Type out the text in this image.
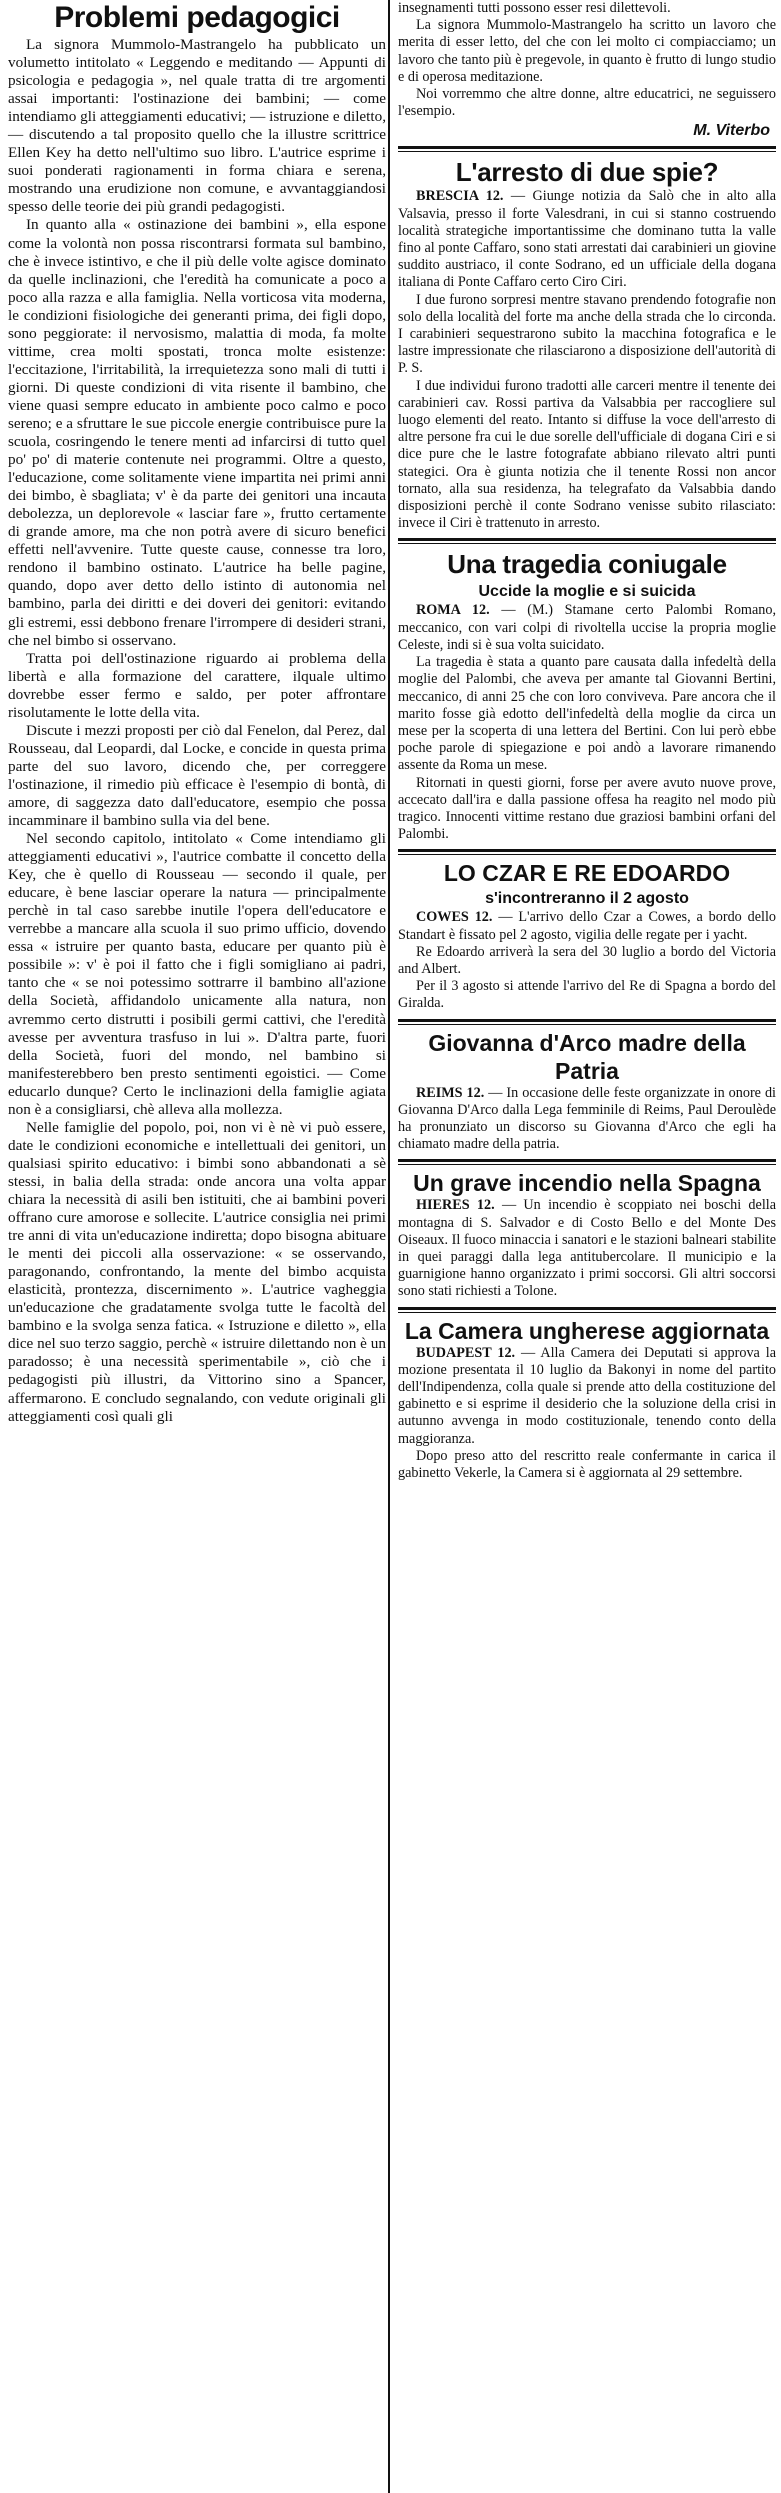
Problemi pedagogici

La signora Mummolo-Mastrangelo ha pubblicato un volumetto intitolato « Leggendo e meditando — Appunti di psicologia e pedagogia », nel quale tratta di tre argomenti assai importanti: l'ostinazione dei bambini; — come intendiamo gli atteggiamenti educativi; — istruzione e diletto, — discutendo a tal proposito quello che la illustre scrittrice Ellen Key ha detto nell'ultimo suo libro. L'autrice esprime i suoi ponderati ragionamenti in forma chiara e serena, mostrando una erudizione non comune, e avvantaggiandosi spesso delle teorie dei più grandi pedagogisti.

In quanto alla « ostinazione dei bambini », ella espone come la volontà non possa riscontrarsi formata sul bambino, che è invece istintivo, e che il più delle volte agisce dominato da quelle inclinazioni, che l'eredità ha comunicate a poco a poco alla razza e alla famiglia. Nella vorticosa vita moderna, le condizioni fisiologiche dei generanti prima, dei figli dopo, sono peggiorate: il nervosismo, malattia di moda, fa molte vittime, crea molti spostati, tronca molte esistenze: l'eccitazione, l'irritabilità, la irrequietezza sono mali di tutti i giorni. Di queste condizioni di vita risente il bambino, che viene quasi sempre educato in ambiente poco calmo e poco sereno; e a sfruttare le sue piccole energie contribuisce pure la scuola, cosringendo le tenere menti ad infarcirsi di tutto quel po' po' di materie contenute nei programmi. Oltre a questo, l'educazione, come solitamente viene impartita nei primi anni dei bimbo, è sbagliata; v' è da parte dei genitori una incauta debolezza, un deplorevole « lasciar fare », frutto certamente di grande amore, ma che non potrà avere di sicuro benefici effetti nell'avvenire. Tutte queste cause, connesse tra loro, rendono il bambino ostinato. L'autrice ha belle pagine, quando, dopo aver detto dello istinto di autonomia nel bambino, parla dei diritti e dei doveri dei genitori: evitando gli estremi, essi debbono frenare l'irrompere di desideri strani, che nel bimbo si osservano.

Tratta poi dell'ostinazione riguardo ai problema della libertà e alla formazione del carattere, ilquale ultimo dovrebbe esser fermo e saldo, per poter affrontare risolutamente le lotte della vita.

Discute i mezzi proposti per ciò dal Fenelon, dal Perez, dal Rousseau, dal Leopardi, dal Locke, e concide in questa prima parte del suo lavoro, dicendo che, per correggere l'ostinazione, il rimedio più efficace è l'esempio di bontà, di amore, di saggezza dato dall'educatore, esempio che possa incamminare il bambino sulla via del bene.

Nel secondo capitolo, intitolato « Come intendiamo gli atteggiamenti educativi », l'autrice combatte il concetto della Key, che è quello di Rousseau — secondo il quale, per educare, è bene lasciar operare la natura — principalmente perchè in tal caso sarebbe inutile l'opera dell'educatore e verrebbe a mancare alla scuola il suo primo ufficio, dovendo essa « istruire per quanto basta, educare per quanto più è possibile »: v' è poi il fatto che i figli somigliano ai padri, tanto che « se noi potessimo sottrarre il bambino all'azione della Società, affidandolo unicamente alla natura, non avremmo certo distrutti i posibili germi cattivi, che l'eredità avesse per avventura trasfuso in lui ». D'altra parte, fuori della Società, fuori del mondo, nel bambino si manifesterebbero ben presto sentimenti egoistici. — Come educarlo dunque? Certo le inclinazioni della famiglie agiata non è a consigliarsi, chè alleva alla mollezza.

Nelle famiglie del popolo, poi, non vi è nè vi può essere, date le condizioni economiche e intellettuali dei genitori, un qualsiasi spirito educativo: i bimbi sono abbandonati a sè stessi, in balia della strada: onde ancora una volta appar chiara la necessità di asili ben istituiti, che ai bambini poveri offrano cure amorose e sollecite. L'autrice consiglia nei primi tre anni di vita un'educazione indiretta; dopo bisogna abituare le menti dei piccoli alla osservazione: « se osservando, paragonando, confrontando, la mente del bimbo acquista elasticità, prontezza, discernimento ». L'autrice vagheggia un'educazione che gradatamente svolga tutte le facoltà del bambino e la svolga senza fatica. « Istruzione e diletto », ella dice nel suo terzo saggio, perchè « istruire dilettando non è un paradosso; è una necessità sperimentabile », ciò che i pedagogisti più illustri, da Vittorino sino a Spancer, affermarono. E concludo segnalando, con vedute originali gli atteggiamenti così quali gli

insegnamenti tutti possono esser resi dilettevoli.

La signora Mummolo-Mastrangelo ha scritto un lavoro che merita di esser letto, del che con lei molto ci compiacciamo; un lavoro che tanto più è pregevole, in quanto è frutto di lungo studio e di operosa meditazione.

Noi vorremmo che altre donne, altre educatrici, ne seguissero l'esempio.

M. Viterbo
L'arresto di due spie?

BRESCIA 12. — Giunge notizia da Salò che in alto alla Valsavia, presso il forte Valesdrani, in cui si stanno costruendo località strategiche importantissime che dominano tutta la valle fino al ponte Caffaro, sono stati arrestati dai carabinieri un giovine suddito austriaco, il conte Sodrano, ed un ufficiale della dogana italiana di Ponte Caffaro certo Ciro Ciri.

I due furono sorpresi mentre stavano prendendo fotografie non solo della località del forte ma anche della strada che lo circonda. I carabinieri sequestrarono subito la macchina fotografica e le lastre impressionate che rilasciarono a disposizione dell'autorità di P. S.

I due individui furono tradotti alle carceri mentre il tenente dei carabinieri cav. Rossi partiva da Valsabbia per raccogliere sul luogo elementi del reato. Intanto si diffuse la voce dell'arresto di altre persone fra cui le due sorelle dell'ufficiale di dogana Ciri e si dice pure che le lastre fotografate abbiano rilevato altri punti stategici. Ora è giunta notizia che il tenente Rossi non ancor tornato, alla sua residenza, ha telegrafato da Valsabbia dando disposizioni perchè il conte Sodrano venisse subito rilasciato: invece il Ciri è trattenuto in arresto.

Una tragedia coniugale
Uccide la moglie e si suicida

ROMA 12. — (M.) Stamane certo Palombi Romano, meccanico, con vari colpi di rivoltella uccise la propria moglie Celeste, indi si è sua volta suicidato.

La tragedia è stata a quanto pare causata dalla infedeltà della moglie del Palombi, che aveva per amante tal Giovanni Bertini, meccanico, di anni 25 che con loro conviveva. Pare ancora che il marito fosse già edotto dell'infedeltà della moglie da circa un mese per la scoperta di una lettera del Bertini. Con lui però ebbe poche parole di spiegazione e poi andò a lavorare rimanendo assente da Roma un mese.

Ritornati in questi giorni, forse per avere avuto nuove prove, accecato dall'ira e dalla passione offesa ha reagito nel modo più tragico. Innocenti vittime restano due graziosi bambini orfani del Palombi.

LO CZAR E RE EDOARDO
s'incontreranno il 2 agosto

COWES 12. — L'arrivo dello Czar a Cowes, a bordo dello Standart è fissato pel 2 agosto, vigilia delle regate per i yacht.

Re Edoardo arriverà la sera del 30 luglio a bordo del Victoria and Albert.

Per il 3 agosto si attende l'arrivo del Re di Spagna a bordo del Giralda.

Giovanna d'Arco madre della Patria

REIMS 12. — In occasione delle feste organizzate in onore di Giovanna D'Arco dalla Lega femminile di Reims, Paul Deroulède ha pronunziato un discorso su Giovanna d'Arco che egli ha chiamato madre della patria.

Un grave incendio nella Spagna

HIERES 12. — Un incendio è scoppiato nei boschi della montagna di S. Salvador e di Costo Bello e del Monte Des Oiseaux. Il fuoco minaccia i sanatori e le stazioni balneari stabilite in quei paraggi dalla lega antitubercolare. Il municipio e la guarnigione hanno organizzato i primi soccorsi. Gli altri soccorsi sono stati richiesti a Tolone.

La Camera ungherese aggiornata

BUDAPEST 12. — Alla Camera dei Deputati si approva la mozione presentata il 10 luglio da Bakonyi in nome del partito dell'Indipendenza, colla quale si prende atto della costituzione del gabinetto e si esprime il desiderio che la soluzione della crisi in autunno avvenga in modo costituzionale, tenendo conto della maggioranza.

Dopo preso atto del rescritto reale confermante in carica il gabinetto Vekerle, la Camera si è aggiornata al 29 settembre.
